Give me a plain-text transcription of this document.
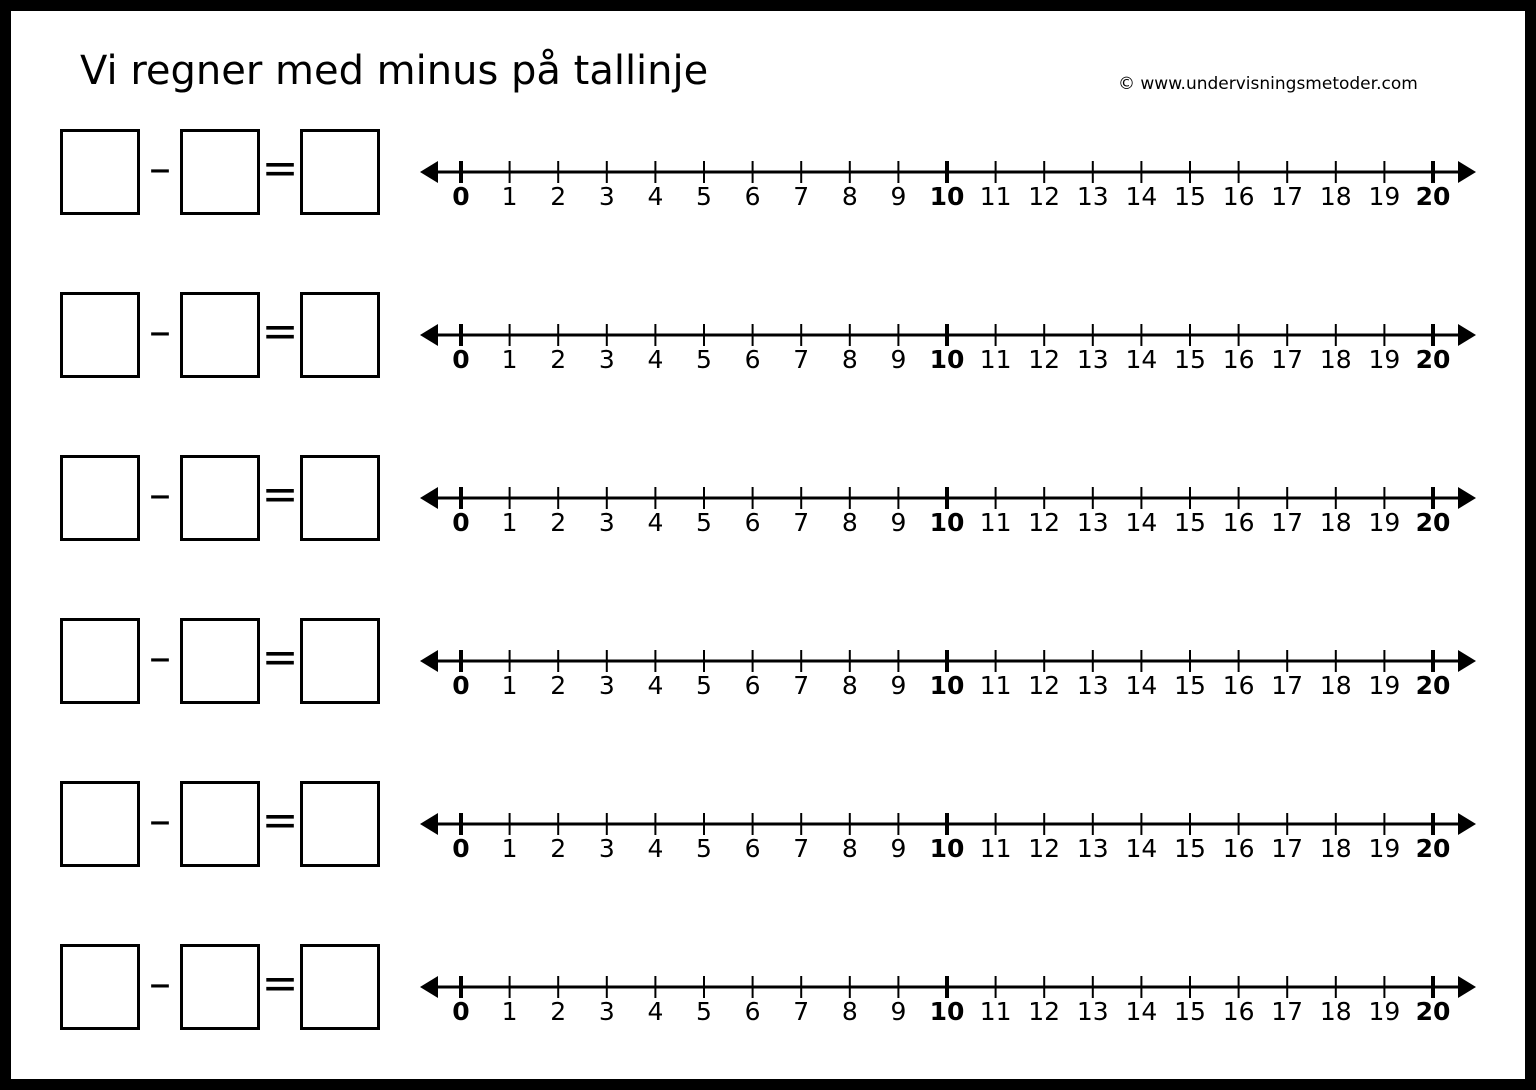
Vi regner med minus på tallinje	© www.undervisningsmetoder.com
– =
0 1 2 3 4 5 6 7 8 9 10 11 12 13 14 15 16 17 18 19 20
– =
0 1 2 3 4 5 6 7 8 9 10 11 12 13 14 15 16 17 18 19 20
– =
0 1 2 3 4 5 6 7 8 9 10 11 12 13 14 15 16 17 18 19 20
– =
0 1 2 3 4 5 6 7 8 9 10 11 12 13 14 15 16 17 18 19 20
– =
0 1 2 3 4 5 6 7 8 9 10 11 12 13 14 15 16 17 18 19 20
– =
0 1 2 3 4 5 6 7 8 9 10 11 12 13 14 15 16 17 18 19 20
